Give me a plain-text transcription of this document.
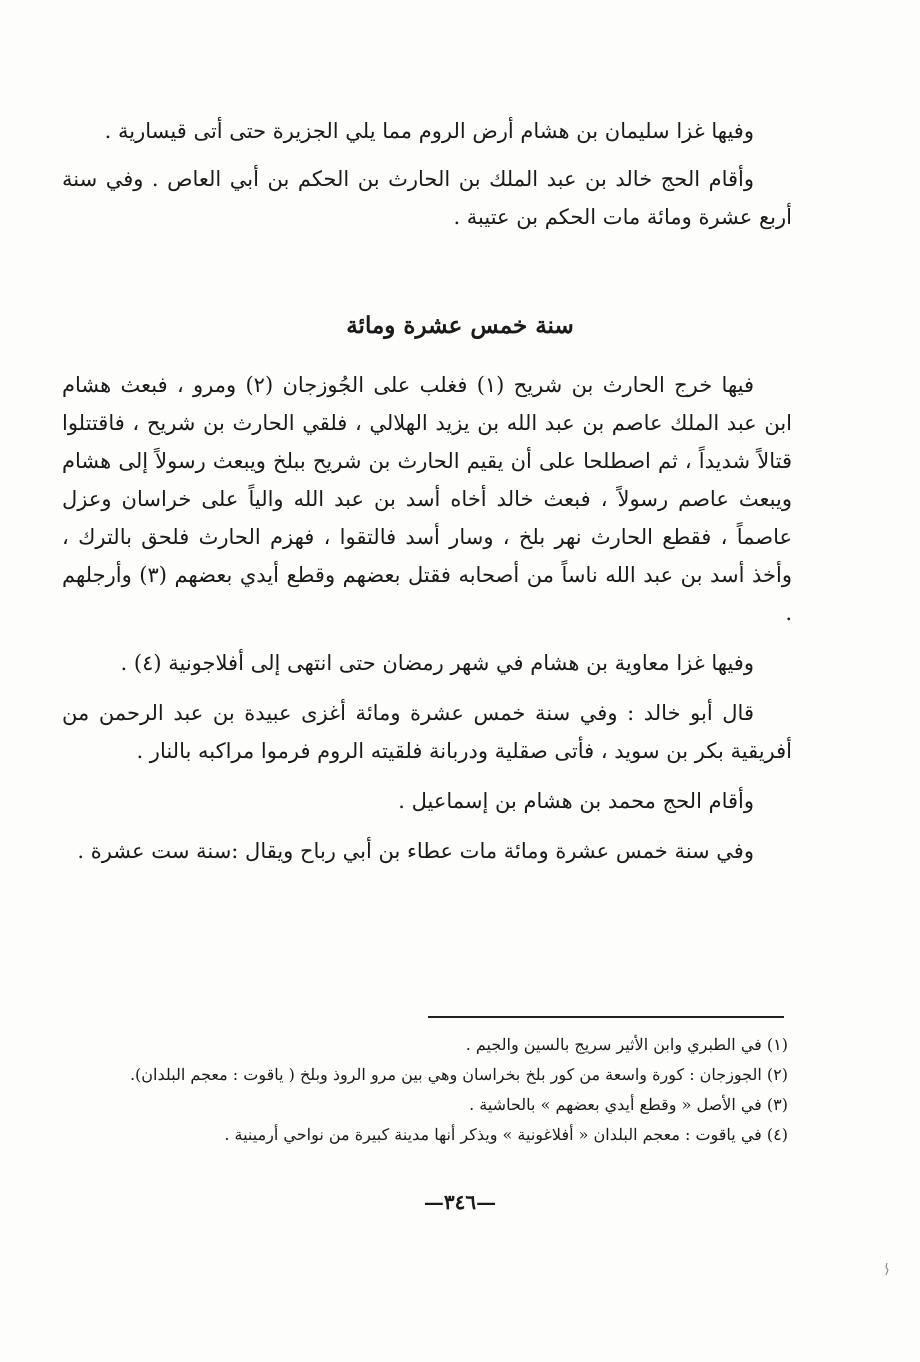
وفيها غزا سليمان بن هشام أرض الروم مما يلي الجزيرة حتى أتى قيسارية .

وأقام الحج خالد بن عبد الملك بن الحارث بن الحكم بن أبي العاص . وفي سنة أربع عشرة ومائة مات الحكم بن عتيبة .

سنة خمس عشرة ومائة

فيها خرج الحارث بن شريح (١) فغلب على الجُوزجان (٢) ومرو ، فبعث هشام ابن عبد الملك عاصم بن عبد الله بن يزيد الهلالي ، فلقي الحارث بن شريح ، فاقتتلوا قتالاً شديداً ، ثم اصطلحا على أن يقيم الحارث بن شريح ببلخ ويبعث رسولاً إلى هشام ويبعث عاصم رسولاً ، فبعث خالد أخاه أسد بن عبد الله والياً على خراسان وعزل عاصماً ، فقطع الحارث نهر بلخ ، وسار أسد فالتقوا ، فهزم الحارث فلحق بالترك ، وأخذ أسد بن عبد الله ناساً من أصحابه فقتل بعضهم وقطع أيدي بعضهم (٣) وأرجلهم .

وفيها غزا معاوية بن هشام في شهر رمضان حتى انتهى إلى أفلاجونية (٤) .

قال أبو خالد : وفي سنة خمس عشرة ومائة أغزى عبيدة بن عبد الرحمن من أفريقية بكر بن سويد ، فأتى صقلية ودربانة فلقيته الروم فرموا مراكبه بالنار .

وأقام الحج محمد بن هشام بن إسماعيل .

وفي سنة خمس عشرة ومائة مات عطاء بن أبي رباح ويقال :سنة ست عشرة .

(١) في الطبري وابن الأثير سريج بالسين والجيم .

(٢) الجوزجان : كورة واسعة من كور بلخ بخراسان وهي بين مرو الروذ وبلخ ( ياقوت : معجم البلدان).

(٣) في الأصل « وقطع أيدي بعضهم » بالحاشية .

(٤) في ياقوت : معجم البلدان « أفلاغونية » ويذكر أنها مدينة كبيرة من نواحي أرمينية .

—٣٤٦—
